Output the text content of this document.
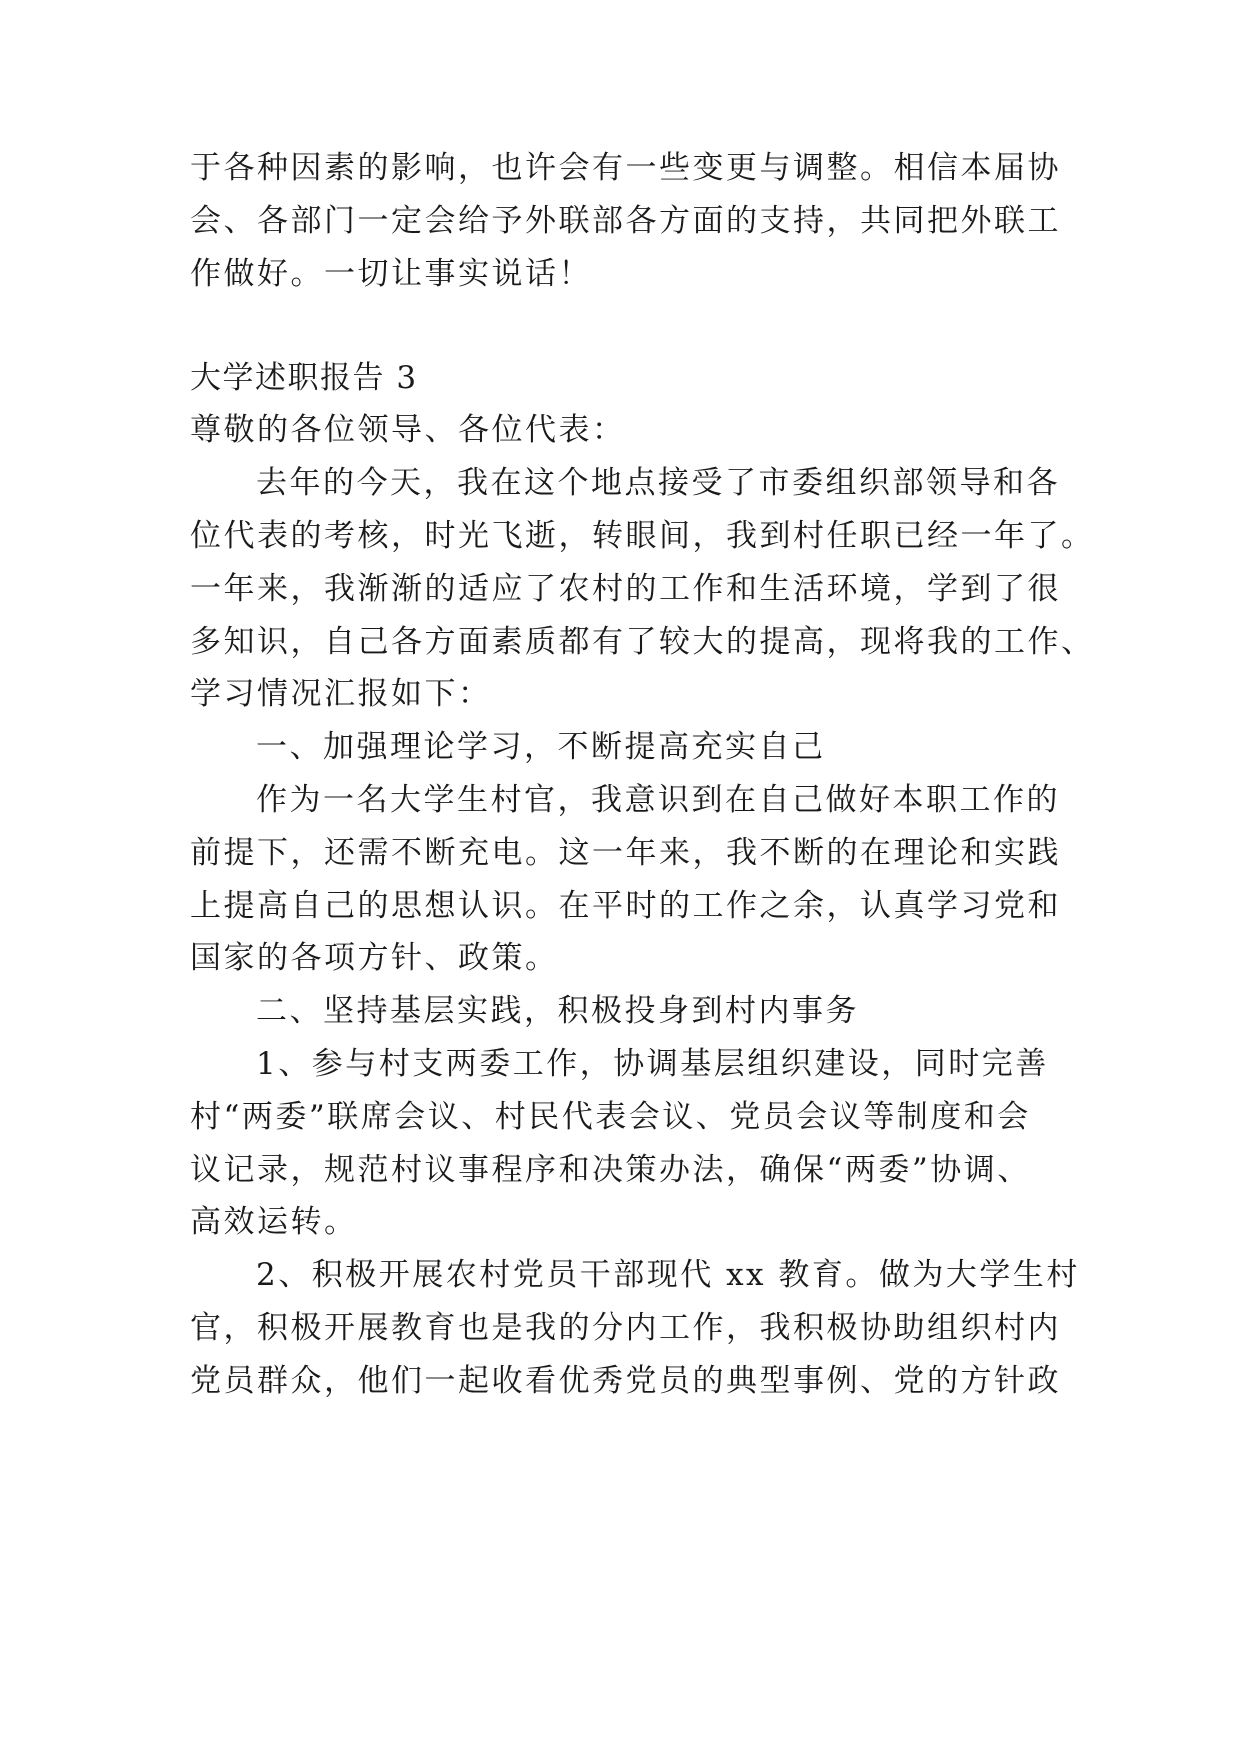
于各种因素的影响，也许会有一些变更与调整。相信本届协
会、各部门一定会给予外联部各方面的支持，共同把外联工
作做好。一切让事实说话！
大学述职报告 3
尊敬的各位领导、各位代表：
去年的今天，我在这个地点接受了市委组织部领导和各
位代表的考核，时光飞逝，转眼间，我到村任职已经一年了。
一年来，我渐渐的适应了农村的工作和生活环境，学到了很
多知识，自己各方面素质都有了较大的提高，现将我的工作、
学习情况汇报如下：
一、加强理论学习，不断提高充实自己
作为一名大学生村官，我意识到在自己做好本职工作的
前提下，还需不断充电。这一年来，我不断的在理论和实践
上提高自己的思想认识。在平时的工作之余，认真学习党和
国家的各项方针、政策。
二、坚持基层实践，积极投身到村内事务
1、参与村支两委工作，协调基层组织建设，同时完善
村“两委”联席会议、村民代表会议、党员会议等制度和会
议记录，规范村议事程序和决策办法，确保“两委”协调、
高效运转。
2、积极开展农村党员干部现代 xx 教育。做为大学生村
官，积极开展教育也是我的分内工作，我积极协助组织村内
党员群众，他们一起收看优秀党员的典型事例、党的方针政
